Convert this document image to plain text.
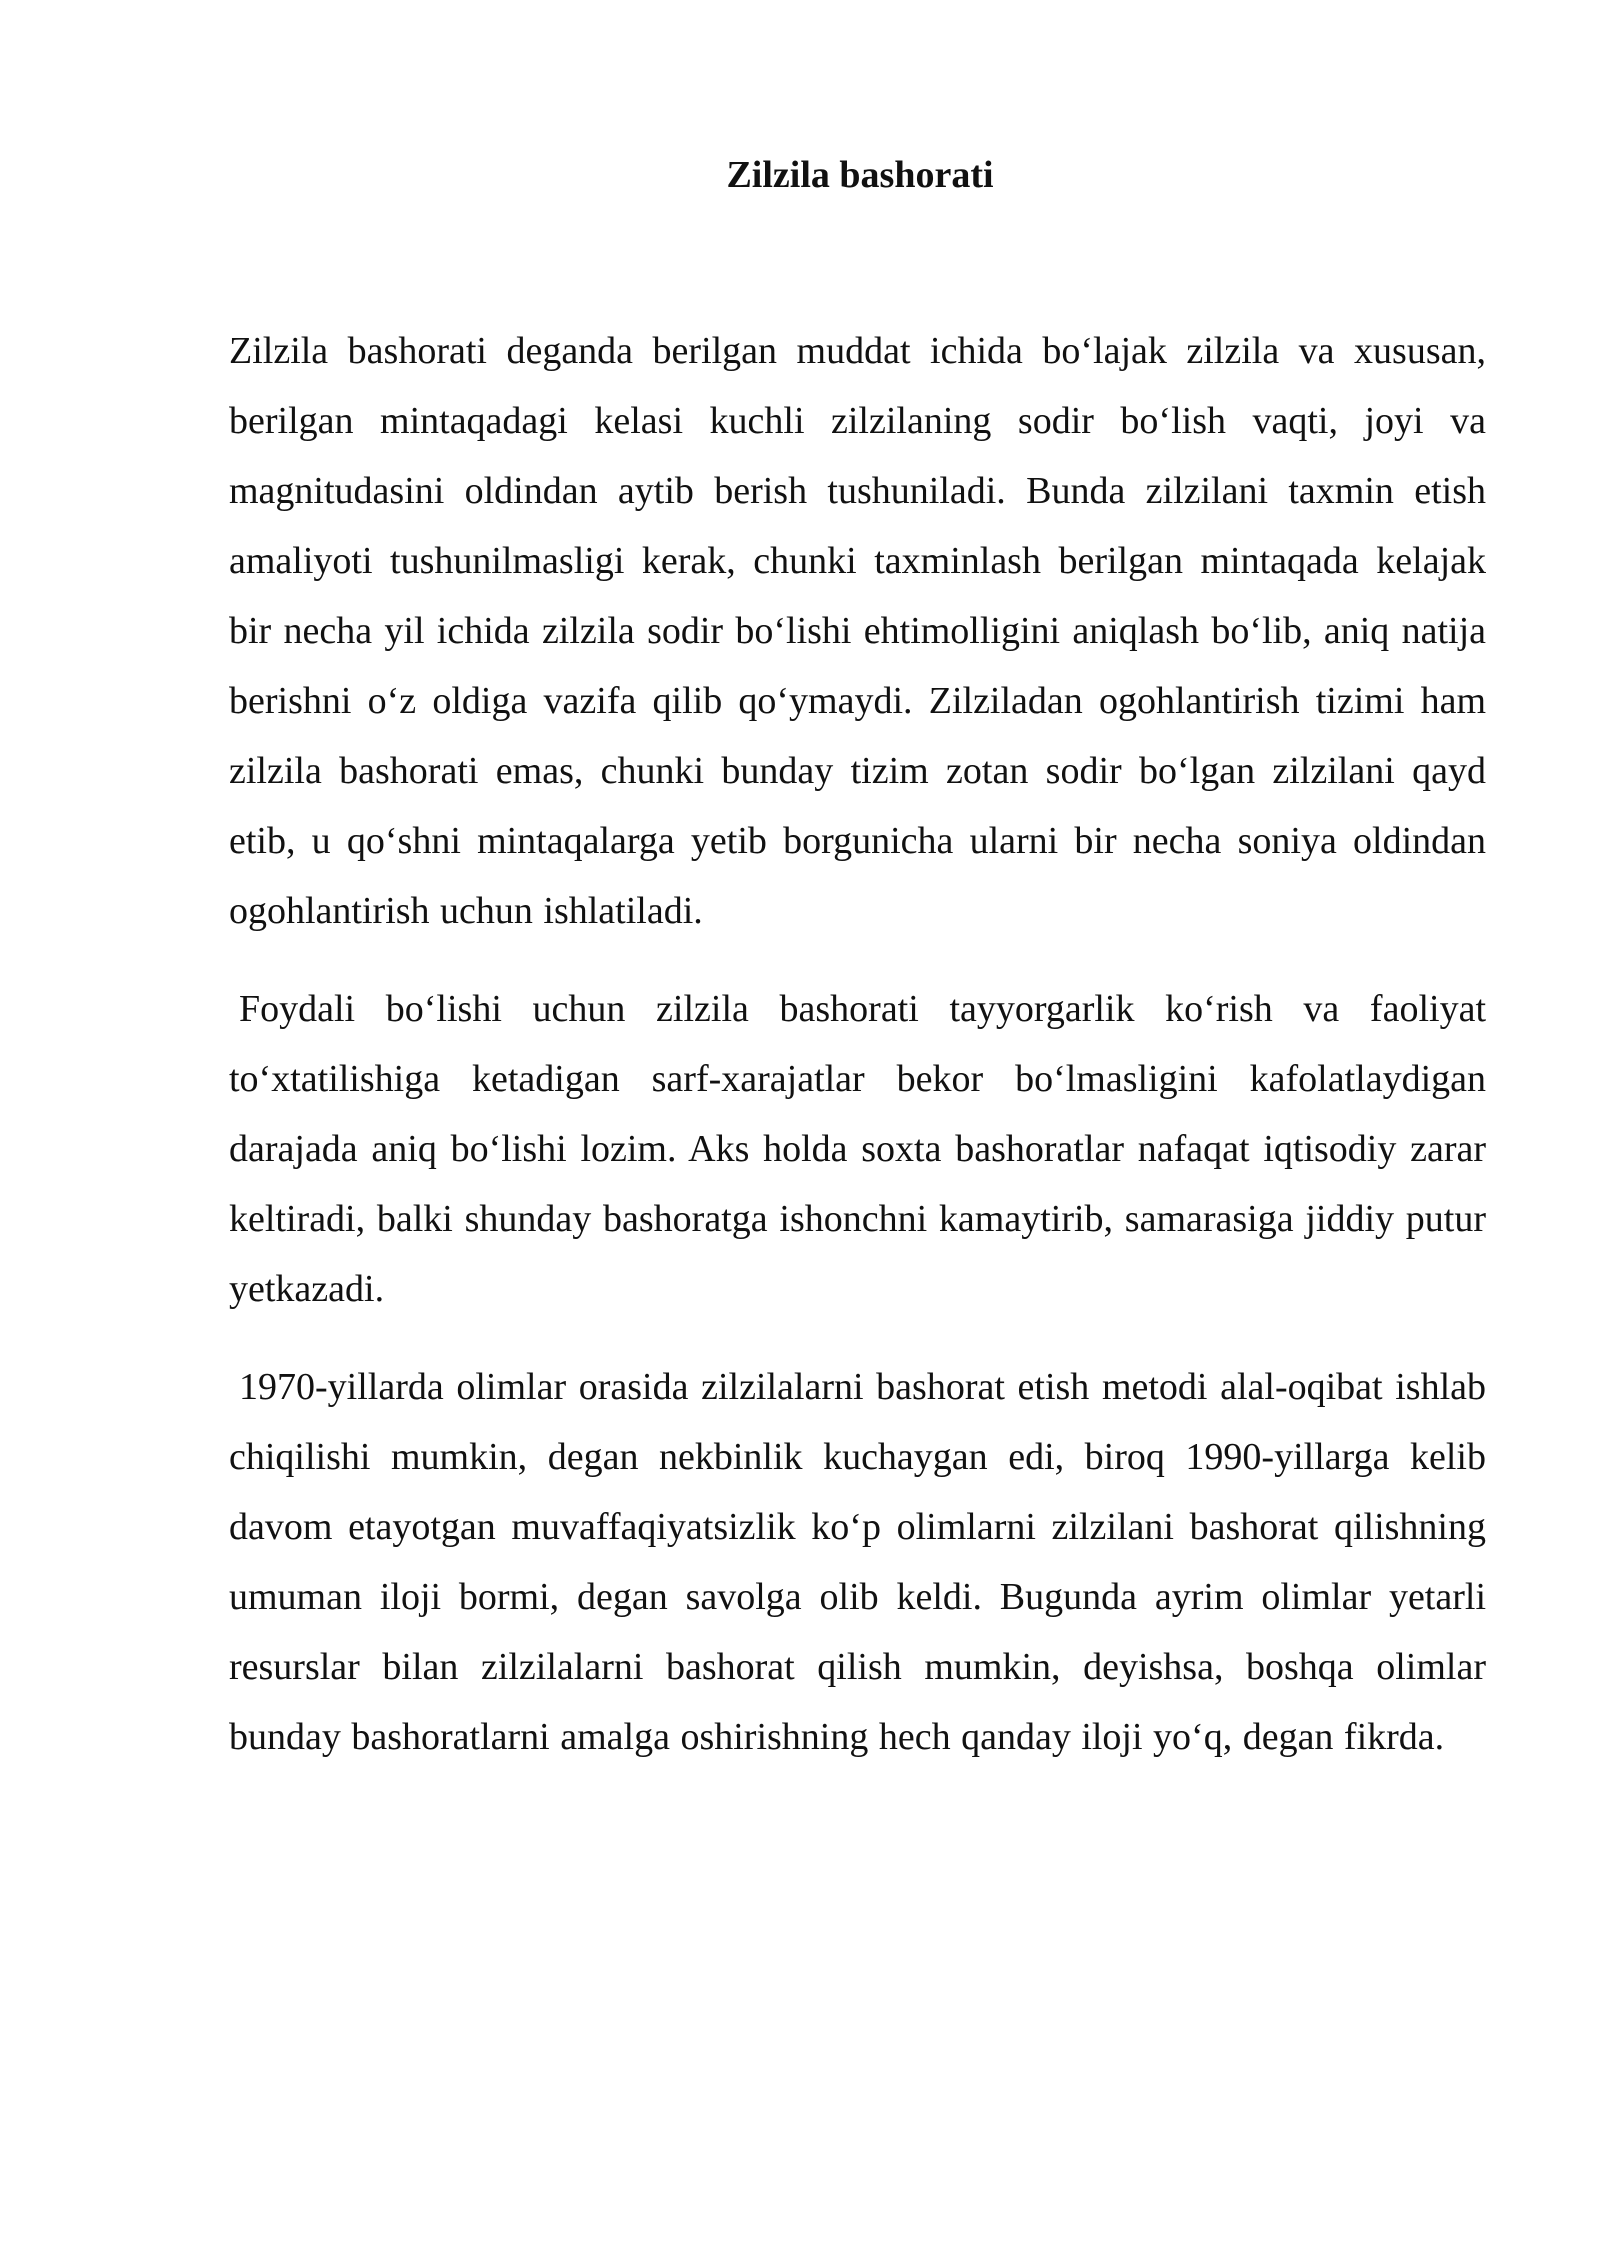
Zilzila bashorati

Zilzila bashorati deganda berilgan muddat ichida bo‘lajak zilzila va xususan, berilgan mintaqadagi kelasi kuchli zilzilaning sodir bo‘lish vaqti, joyi va magnitudasini oldindan aytib berish tushuniladi. Bunda zilzilani taxmin etish amaliyoti tushunilmasligi kerak, chunki taxminlash berilgan mintaqada kelajak bir necha yil ichida zilzila sodir bo‘lishi ehtimolligini aniqlash bo‘lib, aniq natija berishni o‘z oldiga vazifa qilib qo‘ymaydi. Zilziladan ogohlantirish tizimi ham zilzila bashorati emas, chunki bunday tizim zotan sodir bo‘lgan zilzilani qayd etib, u qo‘shni mintaqalarga yetib borgunicha ularni bir necha soniya oldindan ogohlantirish uchun ishlatiladi.

Foydali bo‘lishi uchun zilzila bashorati tayyorgarlik ko‘rish va faoliyat to‘xtatilishiga ketadigan sarf-xarajatlar bekor bo‘lmasligini kafolatlaydigan darajada aniq bo‘lishi lozim. Aks holda soxta bashoratlar nafaqat iqtisodiy zarar keltiradi, balki shunday bashoratga ishonchni kamaytirib, samarasiga jiddiy putur yetkazadi.

1970-yillarda olimlar orasida zilzilalarni bashorat etish metodi alal-oqibat ishlab chiqilishi mumkin, degan nekbinlik kuchaygan edi, biroq 1990-yillarga kelib davom etayotgan muvaffaqiyatsizlik ko‘p olimlarni zilzilani bashorat qilishning umuman iloji bormi, degan savolga olib keldi. Bugunda ayrim olimlar yetarli resurslar bilan zilzilalarni bashorat qilish mumkin, deyishsa, boshqa olimlar bunday bashoratlarni amalga oshirishning hech qanday iloji yo‘q, degan fikrda.
